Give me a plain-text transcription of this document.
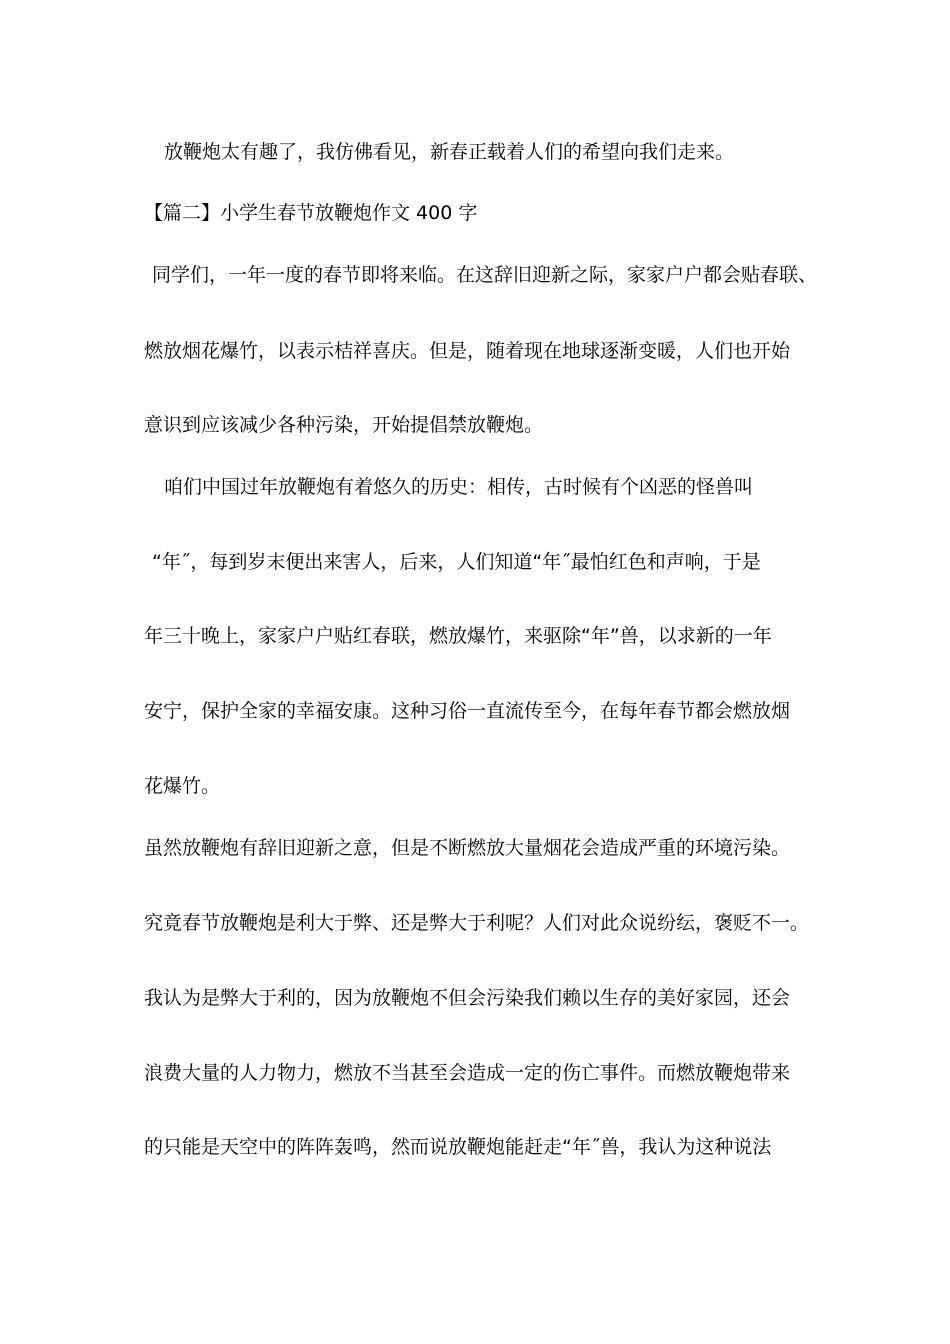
放鞭炮太有趣了，我仿佛看见，新春正载着人们的希望向我们走来。
【篇二】小学生春节放鞭炮作文 400 字
同学们，一年一度的春节即将来临。在这辞旧迎新之际，家家户户都会贴春联、
燃放烟花爆竹，以表示桔祥喜庆。但是，随着现在地球逐渐变暖，人们也开始
意识到应该减少各种污染，开始提倡禁放鞭炮。
咱们中国过年放鞭炮有着悠久的历史：相传，古时候有个凶恶的怪兽叫
“年˝，每到岁末便出来害人，后来，人们知道“年˝最怕红色和声响，于是
年三十晚上，家家户户贴红春联，燃放爆竹，来驱除“年”兽，以求新的一年
安宁，保护全家的幸福安康。这种习俗一直流传至今，在每年春节都会燃放烟
花爆竹。
虽然放鞭炮有辞旧迎新之意，但是不断燃放大量烟花会造成严重的环境污染。
究竟春节放鞭炮是利大于弊、还是弊大于利呢？人们对此众说纷纭，褒贬不一。
我认为是弊大于利的，因为放鞭炮不但会污染我们赖以生存的美好家园，还会
浪费大量的人力物力，燃放不当甚至会造成一定的伤亡事件。而燃放鞭炮带来
的只能是天空中的阵阵轰鸣，然而说放鞭炮能赶走“年˝兽，我认为这种说法
